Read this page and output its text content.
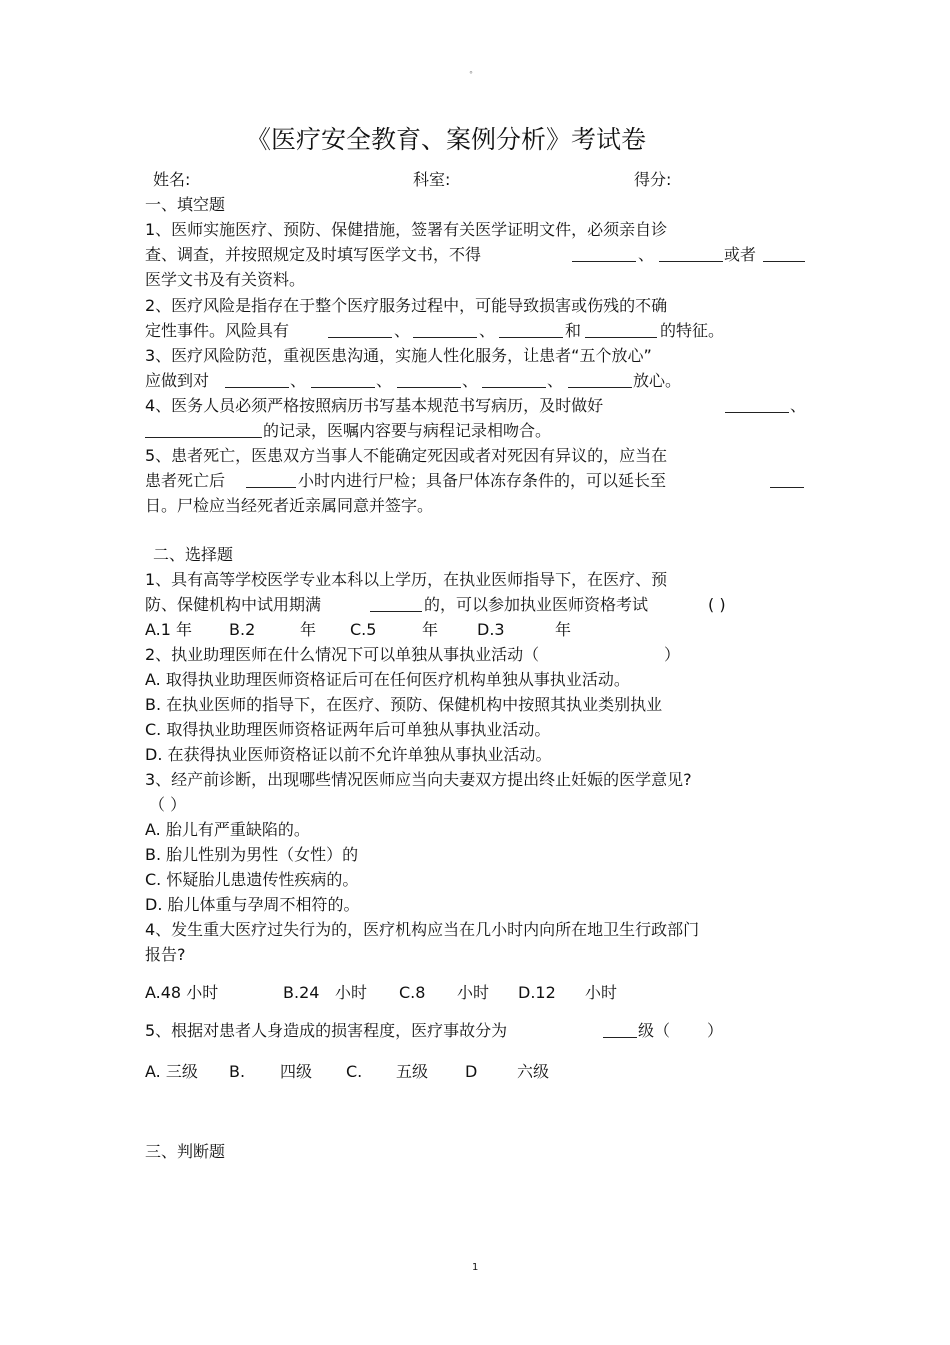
°
《医疗安全教育、案例分析》考试卷
姓名:	科室:	得分:
一、填空题
1、医师实施医疗、预防、保健措施，签署有关医学证明文件，必须亲自诊
查、调查，并按照规定及时填写医学文书，不得	、	或者
医学文书及有关资料。
2、医疗风险是指存在于整个医疗服务过程中，可能导致损害或伤残的不确
定性事件。风险具有	、	、	和	的特征。
3、医疗风险防范，重视医患沟通，实施人性化服务，让患者“五个放心”
应做到对	、	、	、	、	放心。
4、医务人员必须严格按照病历书写基本规范书写病历，及时做好	、
的记录，医嘱内容要与病程记录相吻合。
5、患者死亡，医患双方当事人不能确定死因或者对死因有异议的，应当在
患者死亡后	小时内进行尸检；具备尸体冻存条件的，可以延长至
日。尸检应当经死者近亲属同意并签字。
二、选择题
1、具有高等学校医学专业本科以上学历，在执业医师指导下，在医疗、预
防、保健机构中试用期满	的，可以参加执业医师资格考试	( )
A.1 年 B.2	年 C.5	年 D.3	年
2、执业助理医师在什么情况下可以单独从事执业活动（	）
A. 取得执业助理医师资格证后可在任何医疗机构单独从事执业活动。
B. 在执业医师的指导下，在医疗、预防、保健机构中按照其执业类别执业
C. 取得执业助理医师资格证两年后可单独从事执业活动。
D. 在获得执业医师资格证以前不允许单独从事执业活动。
3、经产前诊断，出现哪些情况医师应当向夫妻双方提出终止妊娠的医学意见?
（ ）
A. 胎儿有严重缺陷的。
B. 胎儿性别为男性（女性）的
C. 怀疑胎儿患遗传性疾病的。
D. 胎儿体重与孕周不相符的。
4、发生重大医疗过失行为的，医疗机构应当在几小时内向所在地卫生行政部门
报告?
A.48 小时	B.24 小时 C.8 小时 D.12 小时
5、根据对患者人身造成的损害程度，医疗事故分为	级（ ）
A. 三级 B. 四级 C. 五级 D 六级
三、判断题
1
